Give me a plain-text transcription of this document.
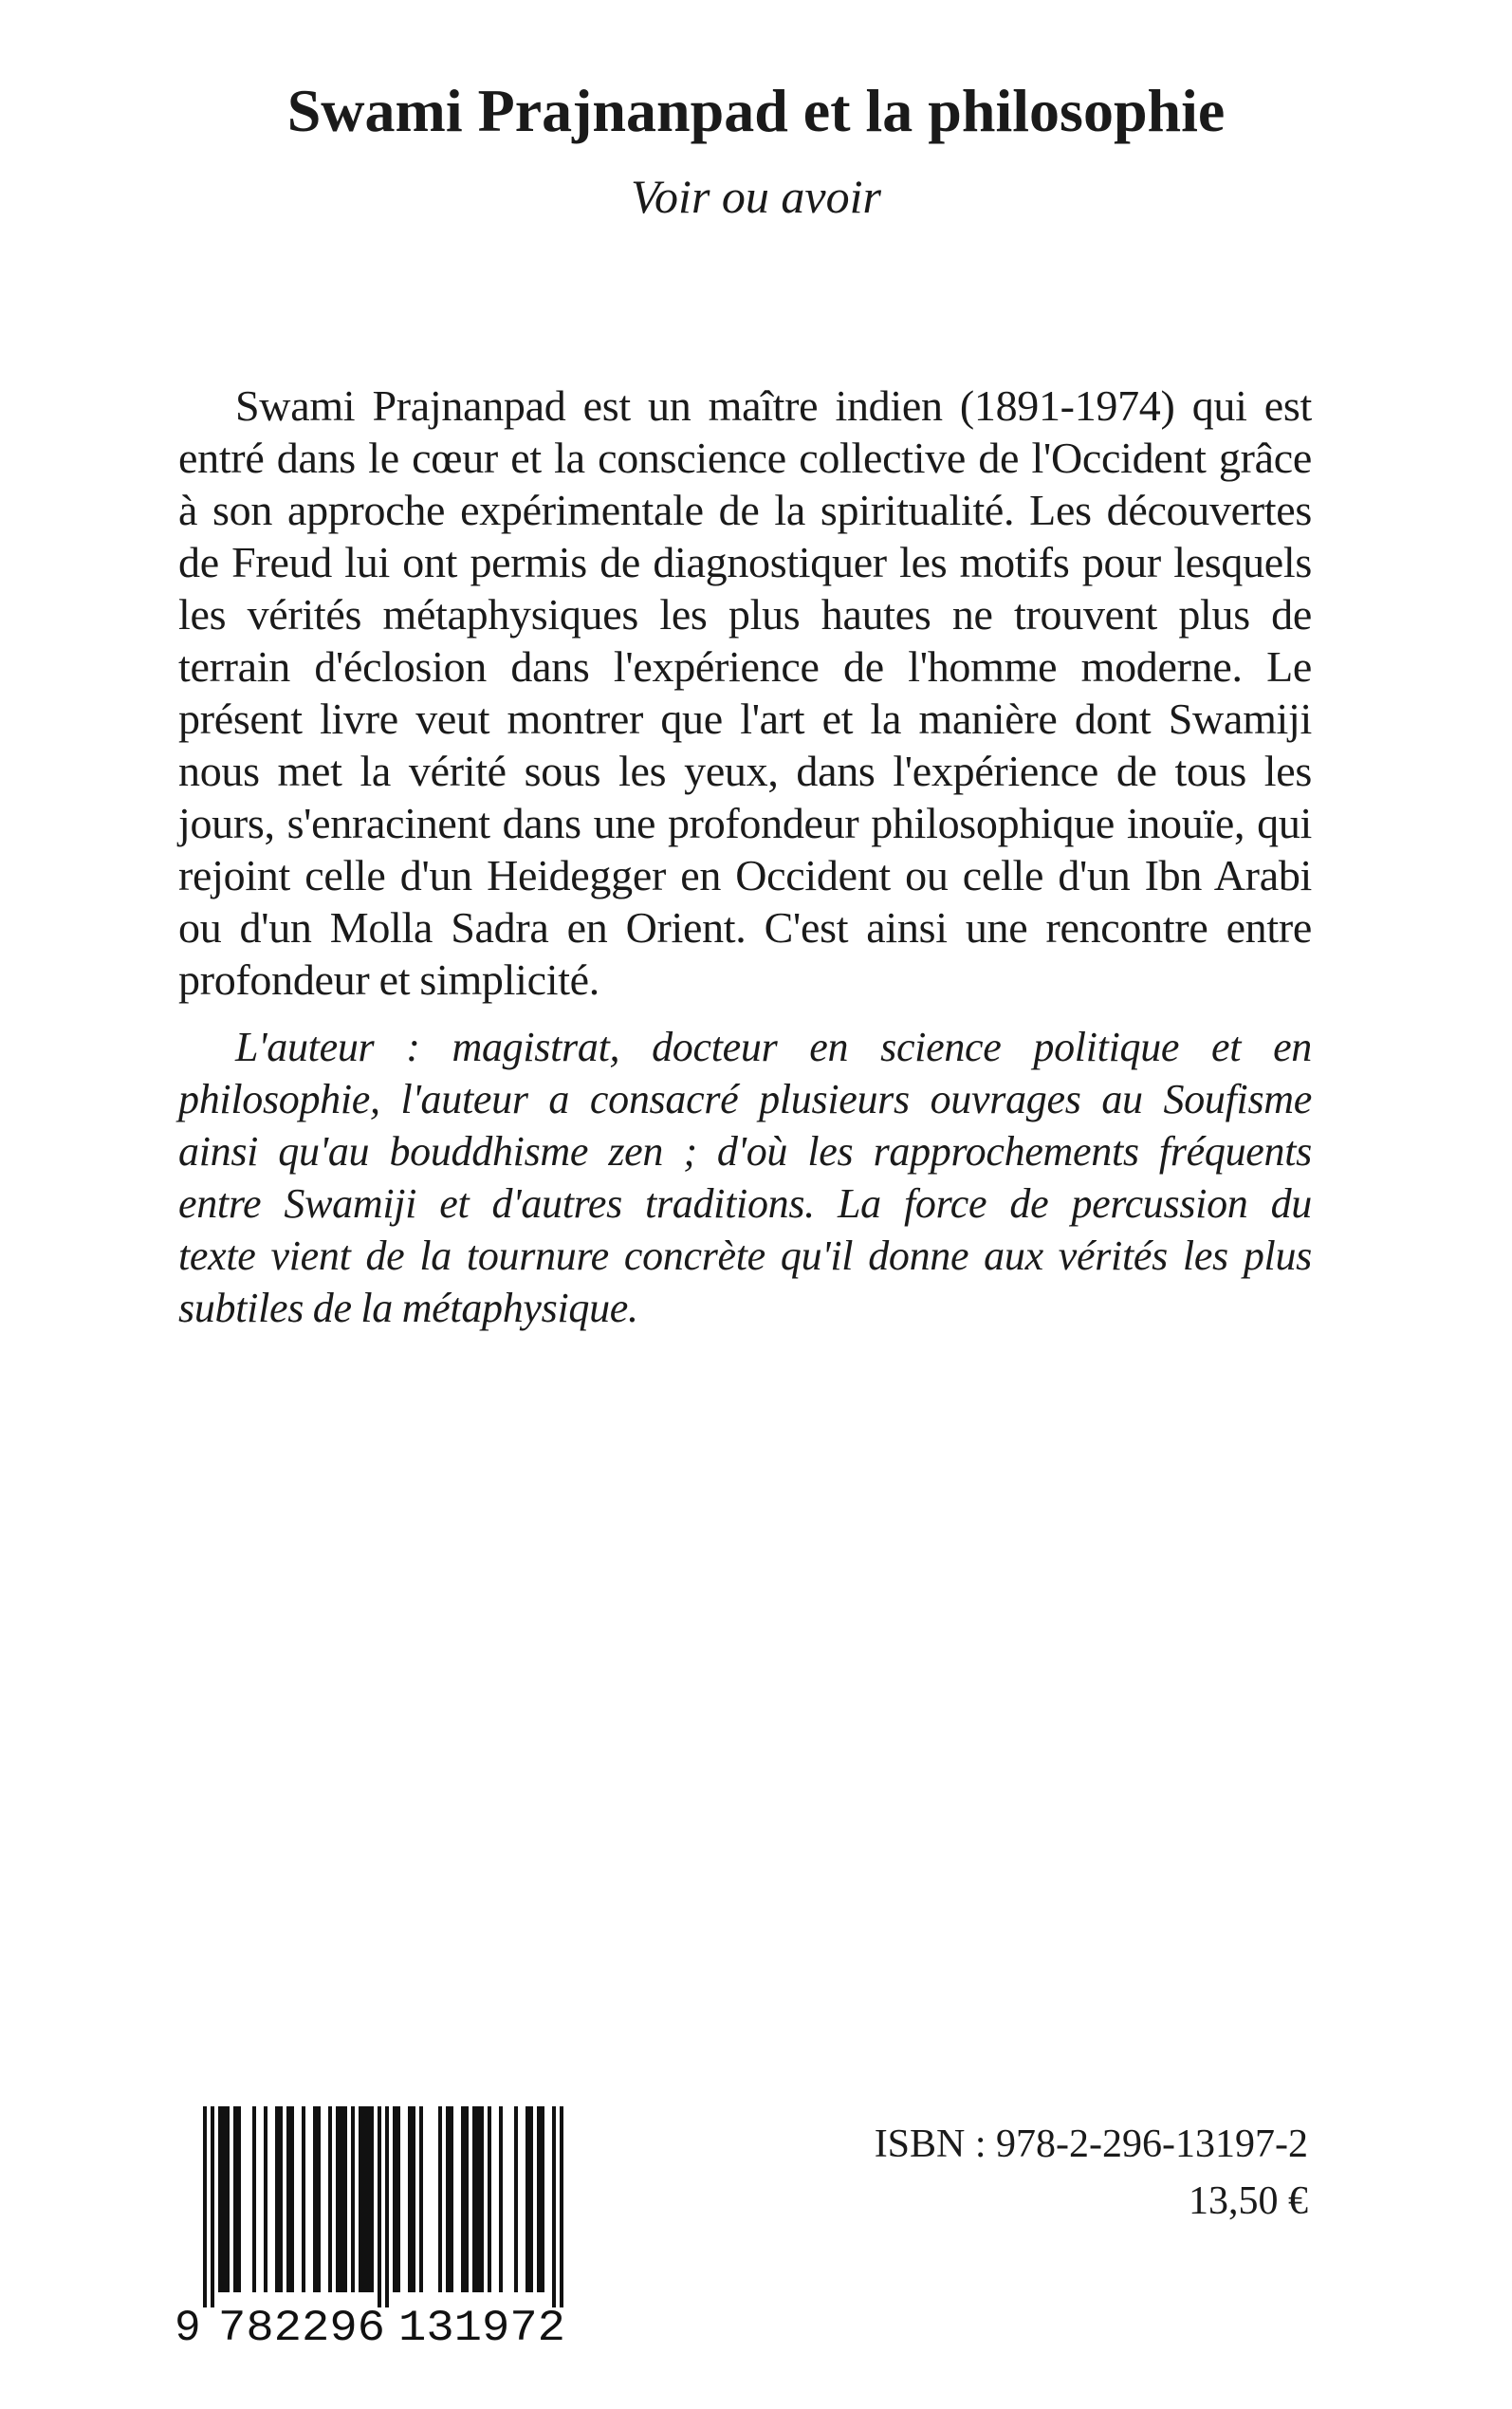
Swami Prajnanpad et la philosophie

Voir ou avoir

Swami Prajnanpad est un maître indien (1891-1974) qui est
entré dans le cœur et la conscience collective de l'Occident grâce
à son approche expérimentale de la spiritualité. Les découvertes
de Freud lui ont permis de diagnostiquer les motifs pour lesquels
les vérités métaphysiques les plus hautes ne trouvent plus de
terrain d'éclosion dans l'expérience de l'homme moderne. Le
présent livre veut montrer que l'art et la manière dont Swamiji
nous met la vérité sous les yeux, dans l'expérience de tous les
jours, s'enracinent dans une profondeur philosophique inouïe, qui
rejoint celle d'un Heidegger en Occident ou celle d'un Ibn Arabi
ou d'un Molla Sadra en Orient. C'est ainsi une rencontre entre
profondeur et simplicité.
L'auteur : magistrat, docteur en science politique et en
philosophie, l'auteur a consacré plusieurs ouvrages au Soufisme
ainsi qu'au bouddhisme zen ; d'où les rapprochements fréquents
entre Swamiji et d'autres traditions. La force de percussion du
texte vient de la tournure concrète qu'il donne aux vérités les plus
subtiles de la métaphysique.
9 782296 131972

ISBN : 978-2-296-13197-2

13,50 €
